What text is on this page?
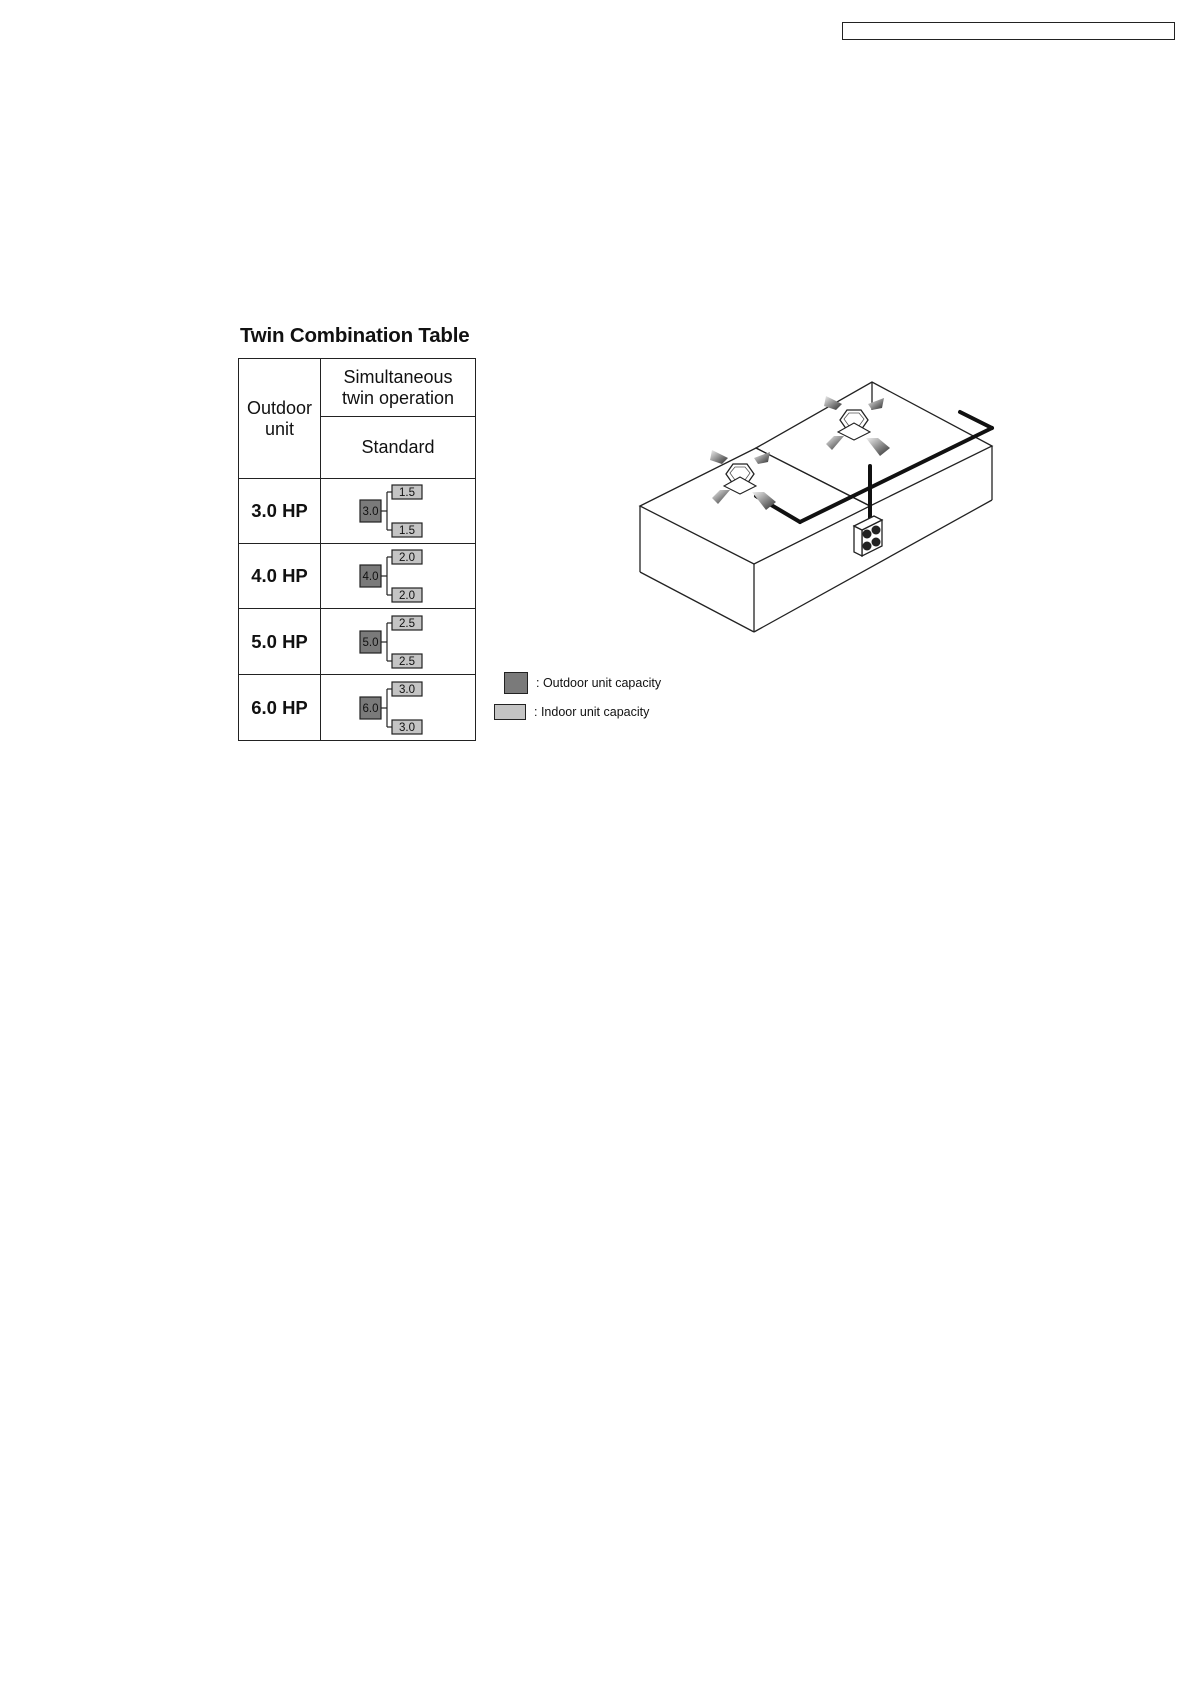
Twin Combination Table
Outdoor unit	Simultaneous twin operation
	Standard
3.0 HP	3.0
1.5
1.5

4.0 HP	4.0
2.0
2.0

5.0 HP	5.0
2.5
2.5

6.0 HP	6.0
3.0
3.0
: Outdoor unit capacity
: Indoor unit capacity
